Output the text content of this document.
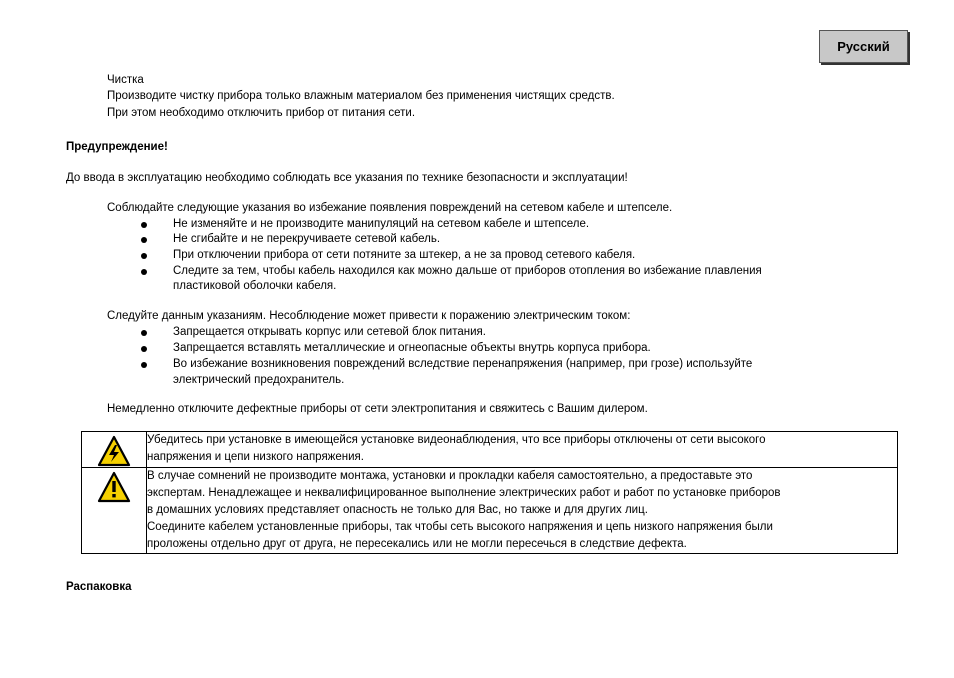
Русский
Чистка
Производите чистку прибора только влажным материалом без применения чистящих средств.
При этом необходимо отключить прибор от питания сети.
Предупреждение!
До ввода в эксплуатацию необходимо соблюдать все указания по технике безопасности и эксплуатации!
Соблюдайте следующие указания во избежание появления повреждений на сетевом кабеле и штепселе.
Не изменяйте и не производите манипуляций на сетевом кабеле и штепселе.
Не сгибайте и не перекручиваете сетевой кабель.
При отключении прибора от сети потяните за штекер, а не за провод сетевого кабеля.
Следите за тем, чтобы кабель находился как можно дальше от приборов отопления во избежание плавления
пластиковой оболочки кабеля.
Следуйте данным указаниям. Несоблюдение может привести к поражению электрическим током:
Запрещается открывать корпус или сетевой блок питания.
Запрещается вставлять металлические и огнеопасные объекты внутрь корпуса прибора.
Во избежание возникновения повреждений вследствие перенапряжения (например, при грозе) используйте
электрический предохранитель.
Немедленно отключите дефектные приборы от сети электропитания и свяжитесь с Вашим дилером.

Убедитесь при установке в имеющейся установке видеонаблюдения, что все приборы отключены от сети высокого
напряжения и цепи низкого напряжения.

В случае сомнений не производите монтажа, установки и прокладки кабеля самостоятельно, а предоставьте это
экспертам. Ненадлежащее и неквалифицированное выполнение электрических работ и работ по установке приборов
в домашних условиях представляет опасность не только для Вас, но также и для других лиц.
Соедините кабелем установленные приборы, так чтобы сеть высокого напряжения и цепь низкого напряжения были
проложены отдельно друг от друга, не пересекались или не могли пересечься в следствие дефекта.
Распаковка
